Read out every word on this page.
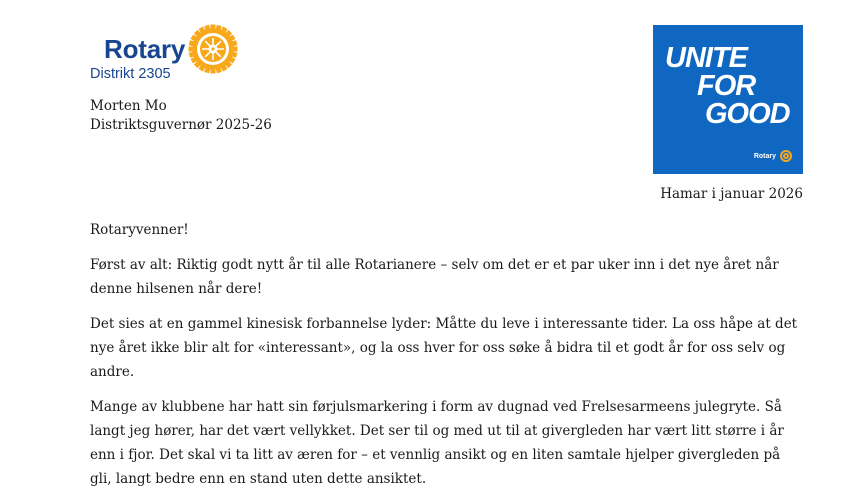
Rotary
Distrikt 2305
Morten Mo
Distriktsguvernør 2025-26
UNITE
FOR
GOOD
Rotary
Hamar i januar 2026

Rotaryvenner!

Først av alt: Riktig godt nytt år til alle Rotarianere – selv om det er et par uker inn i det nye året når denne hilsenen når dere!

Det sies at en gammel kinesisk forbannelse lyder: Måtte du leve i interessante tider. La oss håpe at det nye året ikke blir alt for «interessant», og la oss hver for oss søke å bidra til et godt år for oss selv og andre.

Mange av klubbene har hatt sin førjulsmarkering i form av dugnad ved Frelsesarmeens julegryte. Så langt jeg hører, har det vært vellykket. Det ser til og med ut til at givergleden har vært litt større i år enn i fjor. Det skal vi ta litt av æren for – et vennlig ansikt og en liten samtale hjelper givergleden på gli, langt bedre enn en stand uten dette ansiktet.
